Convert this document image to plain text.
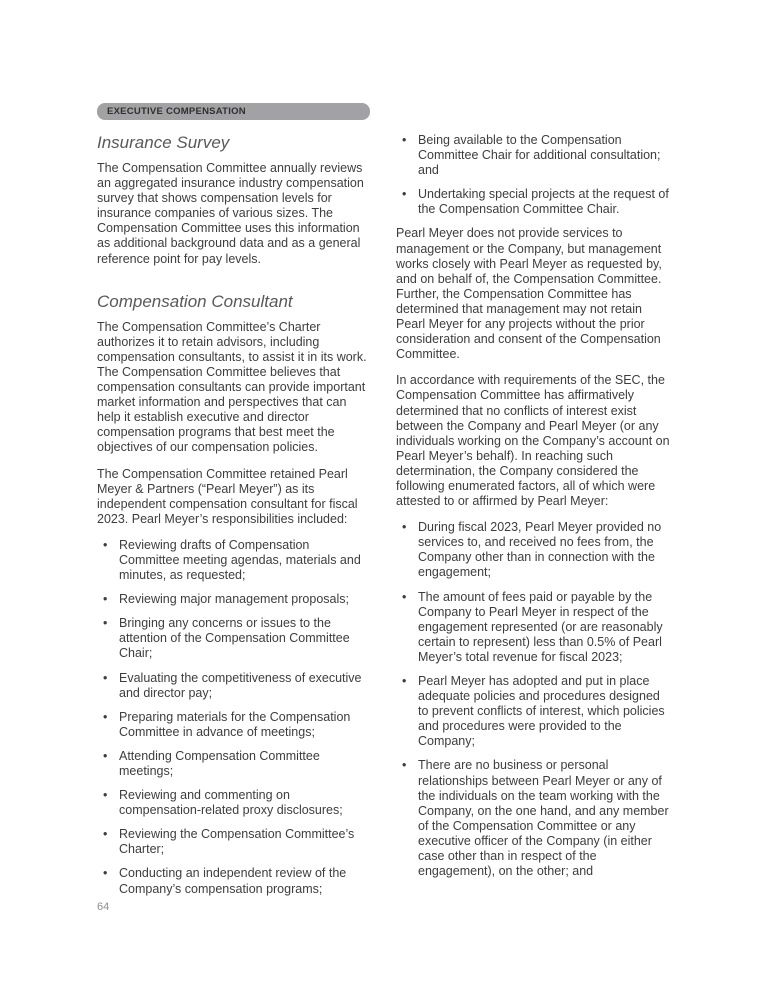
EXECUTIVE COMPENSATION
Insurance Survey

The Compensation Committee annually reviews an aggregated insurance industry compensation survey that shows compensation levels for insurance companies of various sizes. The Compensation Committee uses this information as additional background data and as a general reference point for pay levels.

Compensation Consultant

The Compensation Committee’s Charter authorizes it to retain advisors, including compensation consultants, to assist it in its work. The Compensation Committee believes that compensation consultants can provide important market information and perspectives that can help it establish executive and director compensation programs that best meet the objectives of our compensation policies.

The Compensation Committee retained Pearl Meyer & Partners (“Pearl Meyer”) as its independent compensation consultant for fiscal 2023. Pearl Meyer’s responsibilities included:

• Reviewing drafts of Compensation Committee meeting agendas, materials and minutes, as requested;
• Reviewing major management proposals;
• Bringing any concerns or issues to the attention of the Compensation Committee Chair;
• Evaluating the competitiveness of executive and director pay;
• Preparing materials for the Compensation Committee in advance of meetings;
• Attending Compensation Committee meetings;
• Reviewing and commenting on compensation-related proxy disclosures;
• Reviewing the Compensation Committee’s Charter;
• Conducting an independent review of the Company’s compensation programs;
• Being available to the Compensation Committee Chair for additional consultation; and
• Undertaking special projects at the request of the Compensation Committee Chair.

Pearl Meyer does not provide services to management or the Company, but management works closely with Pearl Meyer as requested by, and on behalf of, the Compensation Committee. Further, the Compensation Committee has determined that management may not retain Pearl Meyer for any projects without the prior consideration and consent of the Compensation Committee.

In accordance with requirements of the SEC, the Compensation Committee has affirmatively determined that no conflicts of interest exist between the Company and Pearl Meyer (or any individuals working on the Company’s account on Pearl Meyer’s behalf). In reaching such determination, the Company considered the following enumerated factors, all of which were attested to or affirmed by Pearl Meyer:

• During fiscal 2023, Pearl Meyer provided no services to, and received no fees from, the Company other than in connection with the engagement;
• The amount of fees paid or payable by the Company to Pearl Meyer in respect of the engagement represented (or are reasonably certain to represent) less than 0.5% of Pearl Meyer’s total revenue for fiscal 2023;
• Pearl Meyer has adopted and put in place adequate policies and procedures designed to prevent conflicts of interest, which policies and procedures were provided to the Company;
• There are no business or personal relationships between Pearl Meyer or any of the individuals on the team working with the Company, on the one hand, and any member of the Compensation Committee or any executive officer of the Company (in either case other than in respect of the engagement), on the other; and
64
